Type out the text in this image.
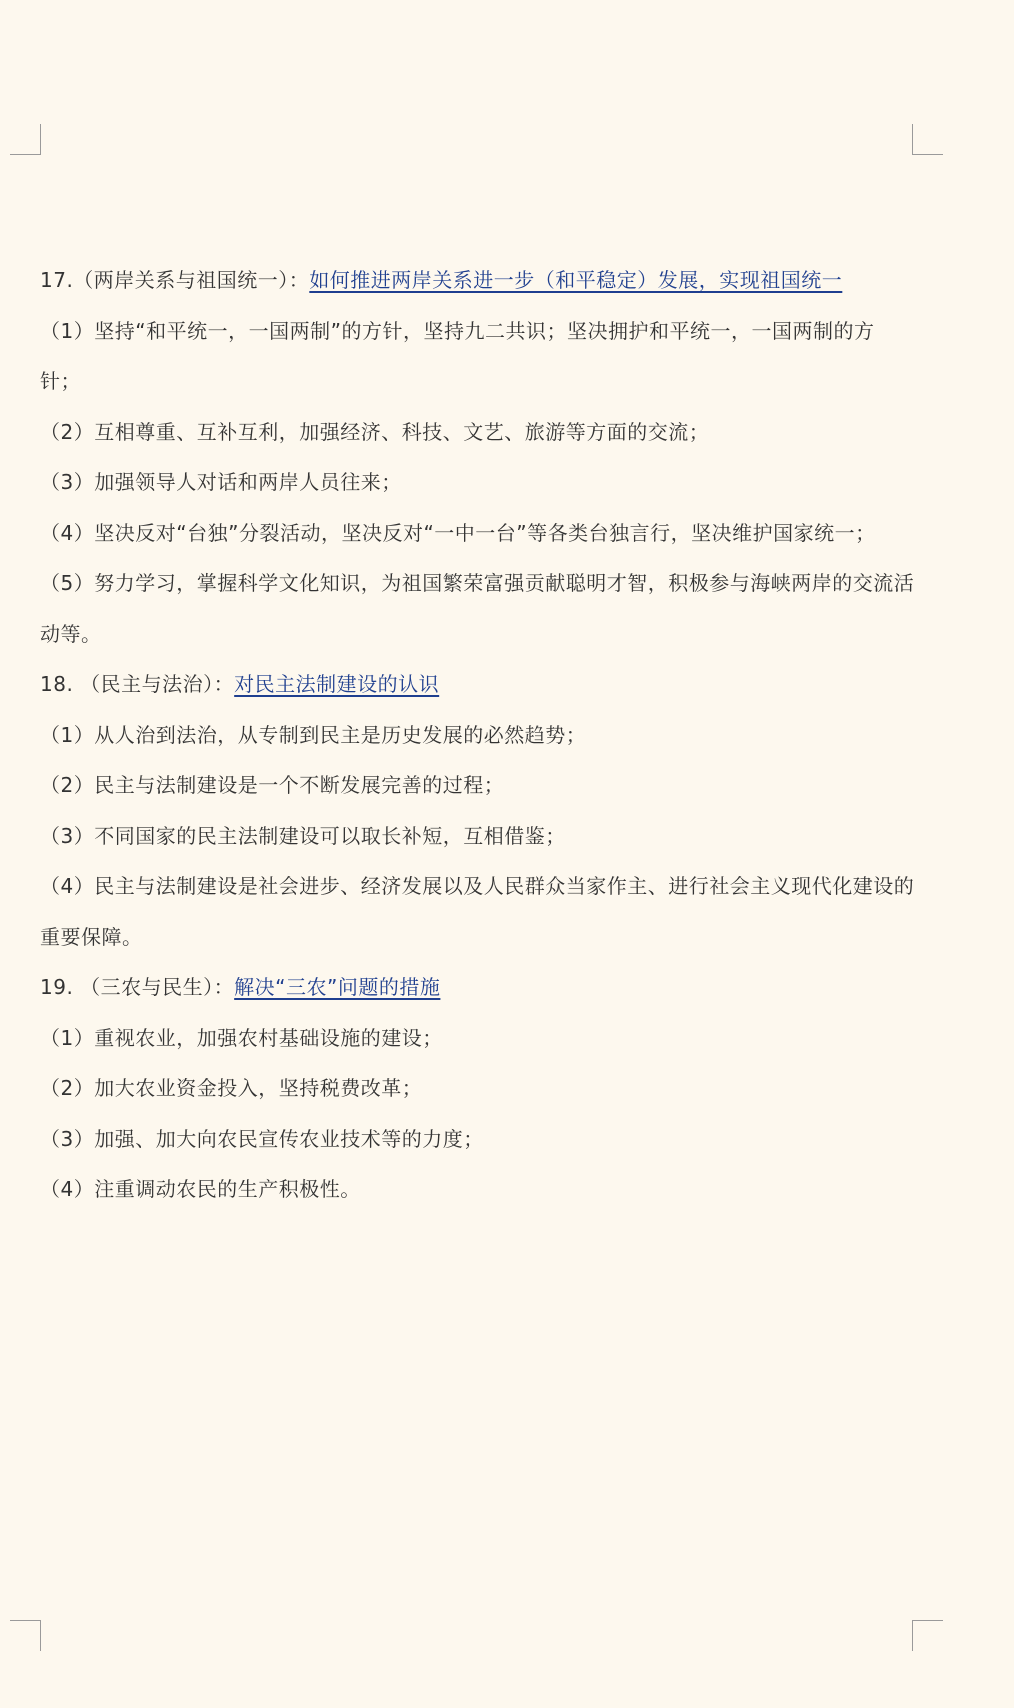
17.（两岸关系与祖国统一）：如何推进两岸关系进一步（和平稳定）发展，实现祖国统一
（1）坚持“和平统一，一国两制”的方针，坚持九二共识；坚决拥护和平统一，一国两制的方针；
（2）互相尊重、互补互利，加强经济、科技、文艺、旅游等方面的交流；
（3）加强领导人对话和两岸人员往来；
（4）坚决反对“台独”分裂活动，坚决反对“一中一台”等各类台独言行，坚决维护国家统一；
（5）努力学习，掌握科学文化知识，为祖国繁荣富强贡献聪明才智，积极参与海峡两岸的交流活动等。
18. （民主与法治）：对民主法制建设的认识
（1）从人治到法治，从专制到民主是历史发展的必然趋势；
（2）民主与法制建设是一个不断发展完善的过程；
（3）不同国家的民主法制建设可以取长补短，互相借鉴；
（4）民主与法制建设是社会进步、经济发展以及人民群众当家作主、进行社会主义现代化建设的重要保障。
19. （三农与民生）：解决“三农”问题的措施
（1）重视农业，加强农村基础设施的建设；
（2）加大农业资金投入，坚持税费改革；
（3）加强、加大向农民宣传农业技术等的力度；
（4）注重调动农民的生产积极性。
